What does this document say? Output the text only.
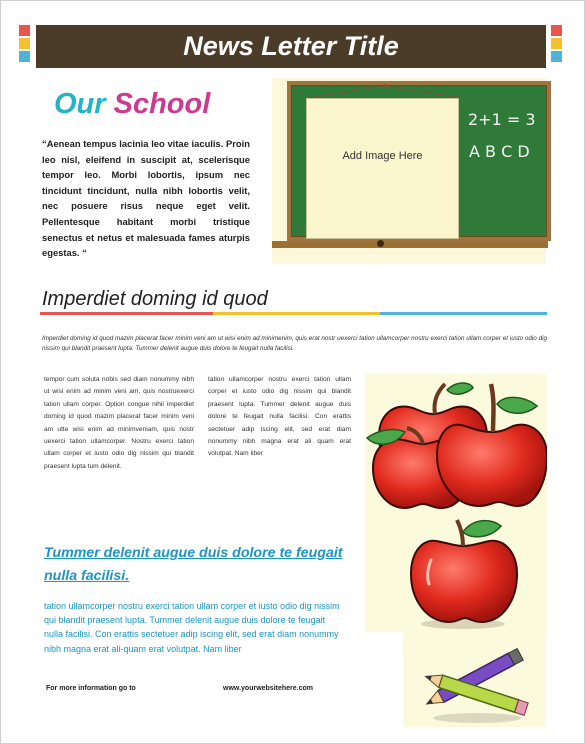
News Letter Title
Our School
“Aenean tempus lacinia leo vitae iaculis. Proin leo nisl, eleifend in suscipit at, scelerisque tempor leo. Morbi lobortis, ipsum nec tincidunt tincidunt, nulla nibh lobortis velit, nec posuere risus neque eget velit. Pellentesque habitant morbi tristique senectus et netus et malesuada fames aturpis egestas. “
Add Image Here
2+1 = 3
A B C D
Imperdiet doming id quod
Imperdiet doming id quod mazim placerat facer minim veni am ut wisi enim ad minimenim, quis erat nostr uexerci tation ullamcorper nostru exerci tation ullam corper et iusto odio dig nissim qui blandit praesent lupta. Tummer delenit augue duis dolore te feugait nulla facilisi.
tempor cum soluta nobis sed diam nonummy nibh ut wisi enim ad minim veni am, quis nostruexerci tation ullam corper. Option congue nihil imperdiet doming id quod mazim placerat facer minim veni am utte wisi enim ad minimveniam, quis nostr uexerci tation ullamcorper. Nostru exerci tation ullam corper et iusto odio dig nissim qui blandit praesent lupta tum delenit.
tation ullamcorper nostru exerci tation ullam corper et iusto odio dig nissim qui blandit praesent lupta. Tummer delenit augue duis dolore te feugait nulla facilisi. Con erattis sectetuer adip iscing elit, sed erat diam nonummy nibh magna erat ali quam erat volutpat. Nam liber
Tummer delenit augue duis dolore te feugait nulla facilisi.
tation ullamcorper nostru exerci tation ullam corper et iusto odio dig nissim qui blandit praesent lupta. Tummer delenit augue duis dolore te feugait nulla facilisi. Con erattis sectetuer adip iscing elit, sed erat diam nonummy nibh magna erat ali-quam erat volutpat. Nam liber
For more information go to	www.yourwebsitehere.com
